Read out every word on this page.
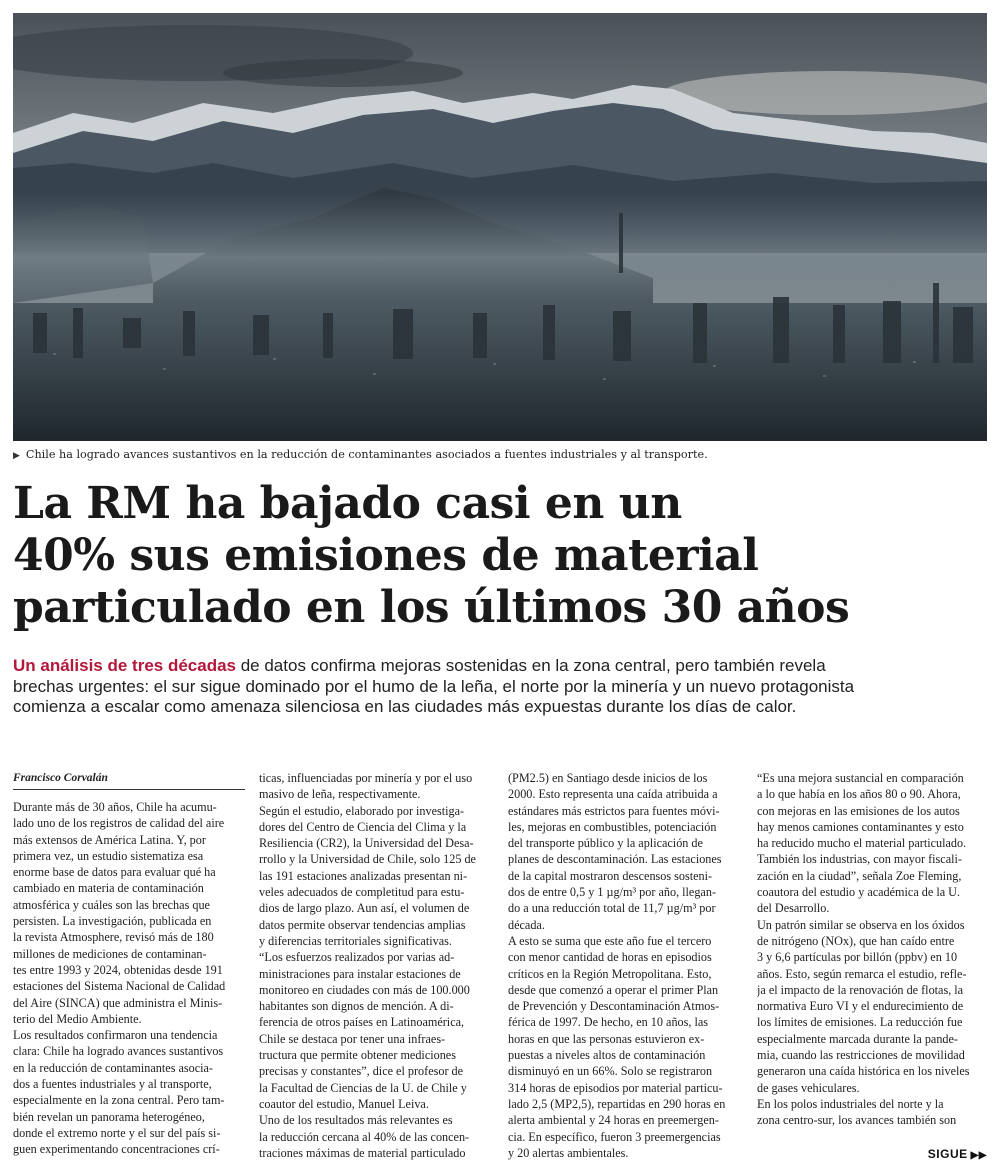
▶ Chile ha logrado avances sustantivos en la reducción de contaminantes asociados a fuentes industriales y al transporte.
La RM ha bajado casi en un
40% sus emisiones de material
particulado en los últimos 30 años
Un análisis de tres décadas de datos confirma mejoras sostenidas en la zona central, pero también revela
brechas urgentes: el sur sigue dominado por el humo de la leña, el norte por la minería y un nuevo protagonista
comienza a escalar como amenaza silenciosa en las ciudades más expuestas durante los días de calor.
Francisco Corvalán
Durante más de 30 años, Chile ha acumu-
lado uno de los registros de calidad del aire
más extensos de América Latina. Y, por
primera vez, un estudio sistematiza esa
enorme base de datos para evaluar qué ha
cambiado en materia de contaminación
atmosférica y cuáles son las brechas que
persisten. La investigación, publicada en
la revista Atmosphere, revisó más de 180
millones de mediciones de contaminan-
tes entre 1993 y 2024, obtenidas desde 191
estaciones del Sistema Nacional de Calidad
del Aire (SINCA) que administra el Minis-
terio del Medio Ambiente.
Los resultados confirmaron una tendencia
clara: Chile ha logrado avances sustantivos
en la reducción de contaminantes asocia-
dos a fuentes industriales y al transporte,
especialmente en la zona central. Pero tam-
bién revelan un panorama heterogéneo,
donde el extremo norte y el sur del país si-
guen experimentando concentraciones crí-
ticas, influenciadas por minería y por el uso
masivo de leña, respectivamente.
Según el estudio, elaborado por investiga-
dores del Centro de Ciencia del Clima y la
Resiliencia (CR2), la Universidad del Desa-
rrollo y la Universidad de Chile, solo 125 de
las 191 estaciones analizadas presentan ni-
veles adecuados de completitud para estu-
dios de largo plazo. Aun así, el volumen de
datos permite observar tendencias amplias
y diferencias territoriales significativas.
“Los esfuerzos realizados por varias ad-
ministraciones para instalar estaciones de
monitoreo en ciudades con más de 100.000
habitantes son dignos de mención. A di-
ferencia de otros países en Latinoamérica,
Chile se destaca por tener una infraes-
tructura que permite obtener mediciones
precisas y constantes”, dice el profesor de
la Facultad de Ciencias de la U. de Chile y
coautor del estudio, Manuel Leiva.
Uno de los resultados más relevantes es
la reducción cercana al 40% de las concen-
traciones máximas de material particulado
(PM2.5) en Santiago desde inicios de los
2000. Esto representa una caída atribuida a
estándares más estrictos para fuentes móvi-
les, mejoras en combustibles, potenciación
del transporte público y la aplicación de
planes de descontaminación. Las estaciones
de la capital mostraron descensos sosteni-
dos de entre 0,5 y 1 µg/m³ por año, llegan-
do a una reducción total de 11,7 µg/m³ por
década.
A esto se suma que este año fue el tercero
con menor cantidad de horas en episodios
críticos en la Región Metropolitana. Esto,
desde que comenzó a operar el primer Plan
de Prevención y Descontaminación Atmos-
férica de 1997. De hecho, en 10 años, las
horas en que las personas estuvieron ex-
puestas a niveles altos de contaminación
disminuyó en un 66%. Solo se registraron
314 horas de episodios por material particu-
lado 2,5 (MP2,5), repartidas en 290 horas en
alerta ambiental y 24 horas en preemergen-
cia. En específico, fueron 3 preemergencias
y 20 alertas ambientales.
“Es una mejora sustancial en comparación
a lo que había en los años 80 o 90. Ahora,
con mejoras en las emisiones de los autos
hay menos camiones contaminantes y esto
ha reducido mucho el material particulado.
También los industrias, con mayor fiscali-
zación en la ciudad”, señala Zoe Fleming,
coautora del estudio y académica de la U.
del Desarrollo.
Un patrón similar se observa en los óxidos
de nitrógeno (NOx), que han caído entre
3 y 6,6 partículas por billón (ppbv) en 10
años. Esto, según remarca el estudio, refle-
ja el impacto de la renovación de flotas, la
normativa Euro VI y el endurecimiento de
los límites de emisiones. La reducción fue
especialmente marcada durante la pande-
mia, cuando las restricciones de movilidad
generaron una caída histórica en los niveles
de gases vehiculares.
En los polos industriales del norte y la
zona centro-sur, los avances también son
SIGUE ▶▶
